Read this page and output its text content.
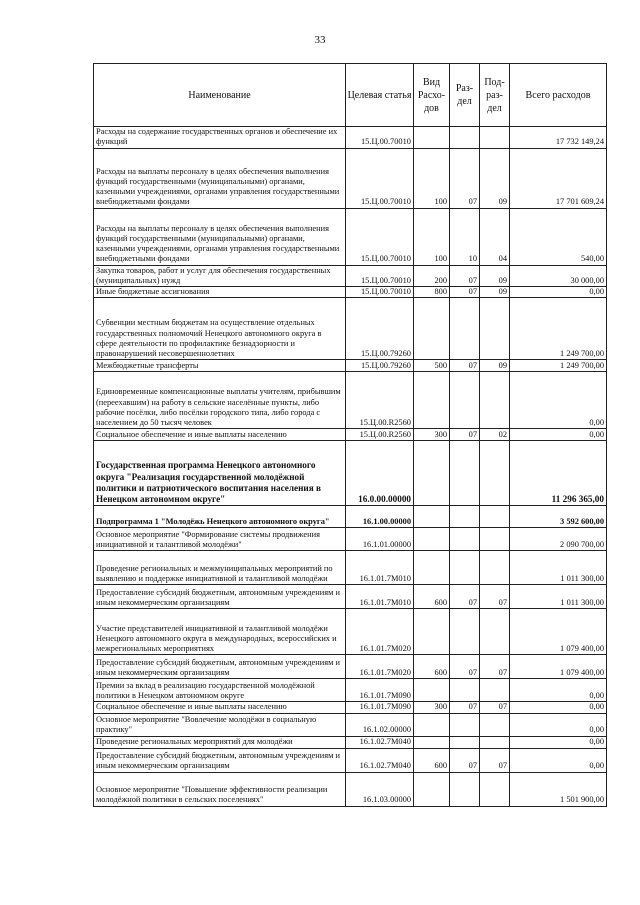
33
Наименование	Целевая статья	Вид Расхо-дов	Раз-дел	Под-раз-дел	Всего расходов
Расходы на содержание государственных органов и обеспечение их функций	15.Ц.00.70010				17 732 149,24
Расходы на выплаты персоналу в целях обеспечения выполнения функций государственными (муниципальными) органами, казенными учреждениями, органами управления государственными внебюджетными фондами	15.Ц.00.70010	100	07	09	17 701 609,24
Расходы на выплаты персоналу в целях обеспечения выполнения функций государственными (муниципальными) органами, казенными учреждениями, органами управления государственными внебюджетными фондами	15.Ц.00.70010	100	10	04	540,00
Закупка товаров, работ и услуг для обеспечения государственных (муниципальных) нужд	15.Ц.00.70010	200	07	09	30 000,00
Иные бюджетные ассигнования	15.Ц.00.70010	800	07	09	0,00
Субвенции местным бюджетам на осуществление отдельных государственных полномочий Ненецкого автономного округа в сфере деятельности по профилактике безнадзорности и правонарушений несовершеннолетних	15.Ц.00.79260				1 249 700,00
Межбюджетные трансферты	15.Ц.00.79260	500	07	09	1 249 700,00
Единовременные компенсационные выплаты учителям, прибывшим (переехавшим) на работу в сельские населённые пункты, либо рабочие посёлки, либо посёлки городского типа, либо города с населением до 50 тысяч человек	15.Ц.00.R2560				0,00
Социальное обеспечение и иные выплаты населению	15.Ц.00.R2560	300	07	02	0,00
Государственная программа Ненецкого автономного округа "Реализация государственной молодёжной политики и патриотического воспитания населения в Ненецком автономном округе"	16.0.00.00000				11 296 365,00
Подпрограмма 1 "Молодёжь Ненецкого автономного округа"	16.1.00.00000				3 592 600,00
Основное мероприятие "Формирование системы продвижения инициативной и талантливой молодёжи"	16.1.01.00000				2 090 700,00
Проведение региональных и межмуниципальных мероприятий по выявлению и поддержке инициативной и талантливой молодёжи	16.1.01.7М010				1 011 300,00
Предоставление субсидий бюджетным, автономным учреждениям и иным некоммерческим организациям	16.1.01.7М010	600	07	07	1 011 300,00
Участие представителей инициативной и талантливой молодёжи Ненецкого автономного округа в международных, всероссийских и межрегиональных мероприятиях	16.1.01.7М020				1 079 400,00
Предоставление субсидий бюджетным, автономным учреждениям и иным некоммерческим организациям	16.1.01.7М020	600	07	07	1 079 400,00
Премии за вклад в реализацию государственной молодёжной политики в Ненецком автономном округе	16.1.01.7М090				0,00
Социальное обеспечение и иные выплаты населению	16.1.01.7М090	300	07	07	0,00
Основное мероприятие "Вовлечение молодёжи в социальную практику"	16.1.02.00000				0,00
Проведение региональных мероприятий для молодёжи	16.1.02.7М040				0,00
Предоставление субсидий бюджетным, автономным учреждениям и иным некоммерческим организациям	16.1.02.7М040	600	07	07	0,00
Основное мероприятие "Повышение эффективности реализации молодёжной политики в сельских поселениях"	16.1.03.00000				1 501 900,00
